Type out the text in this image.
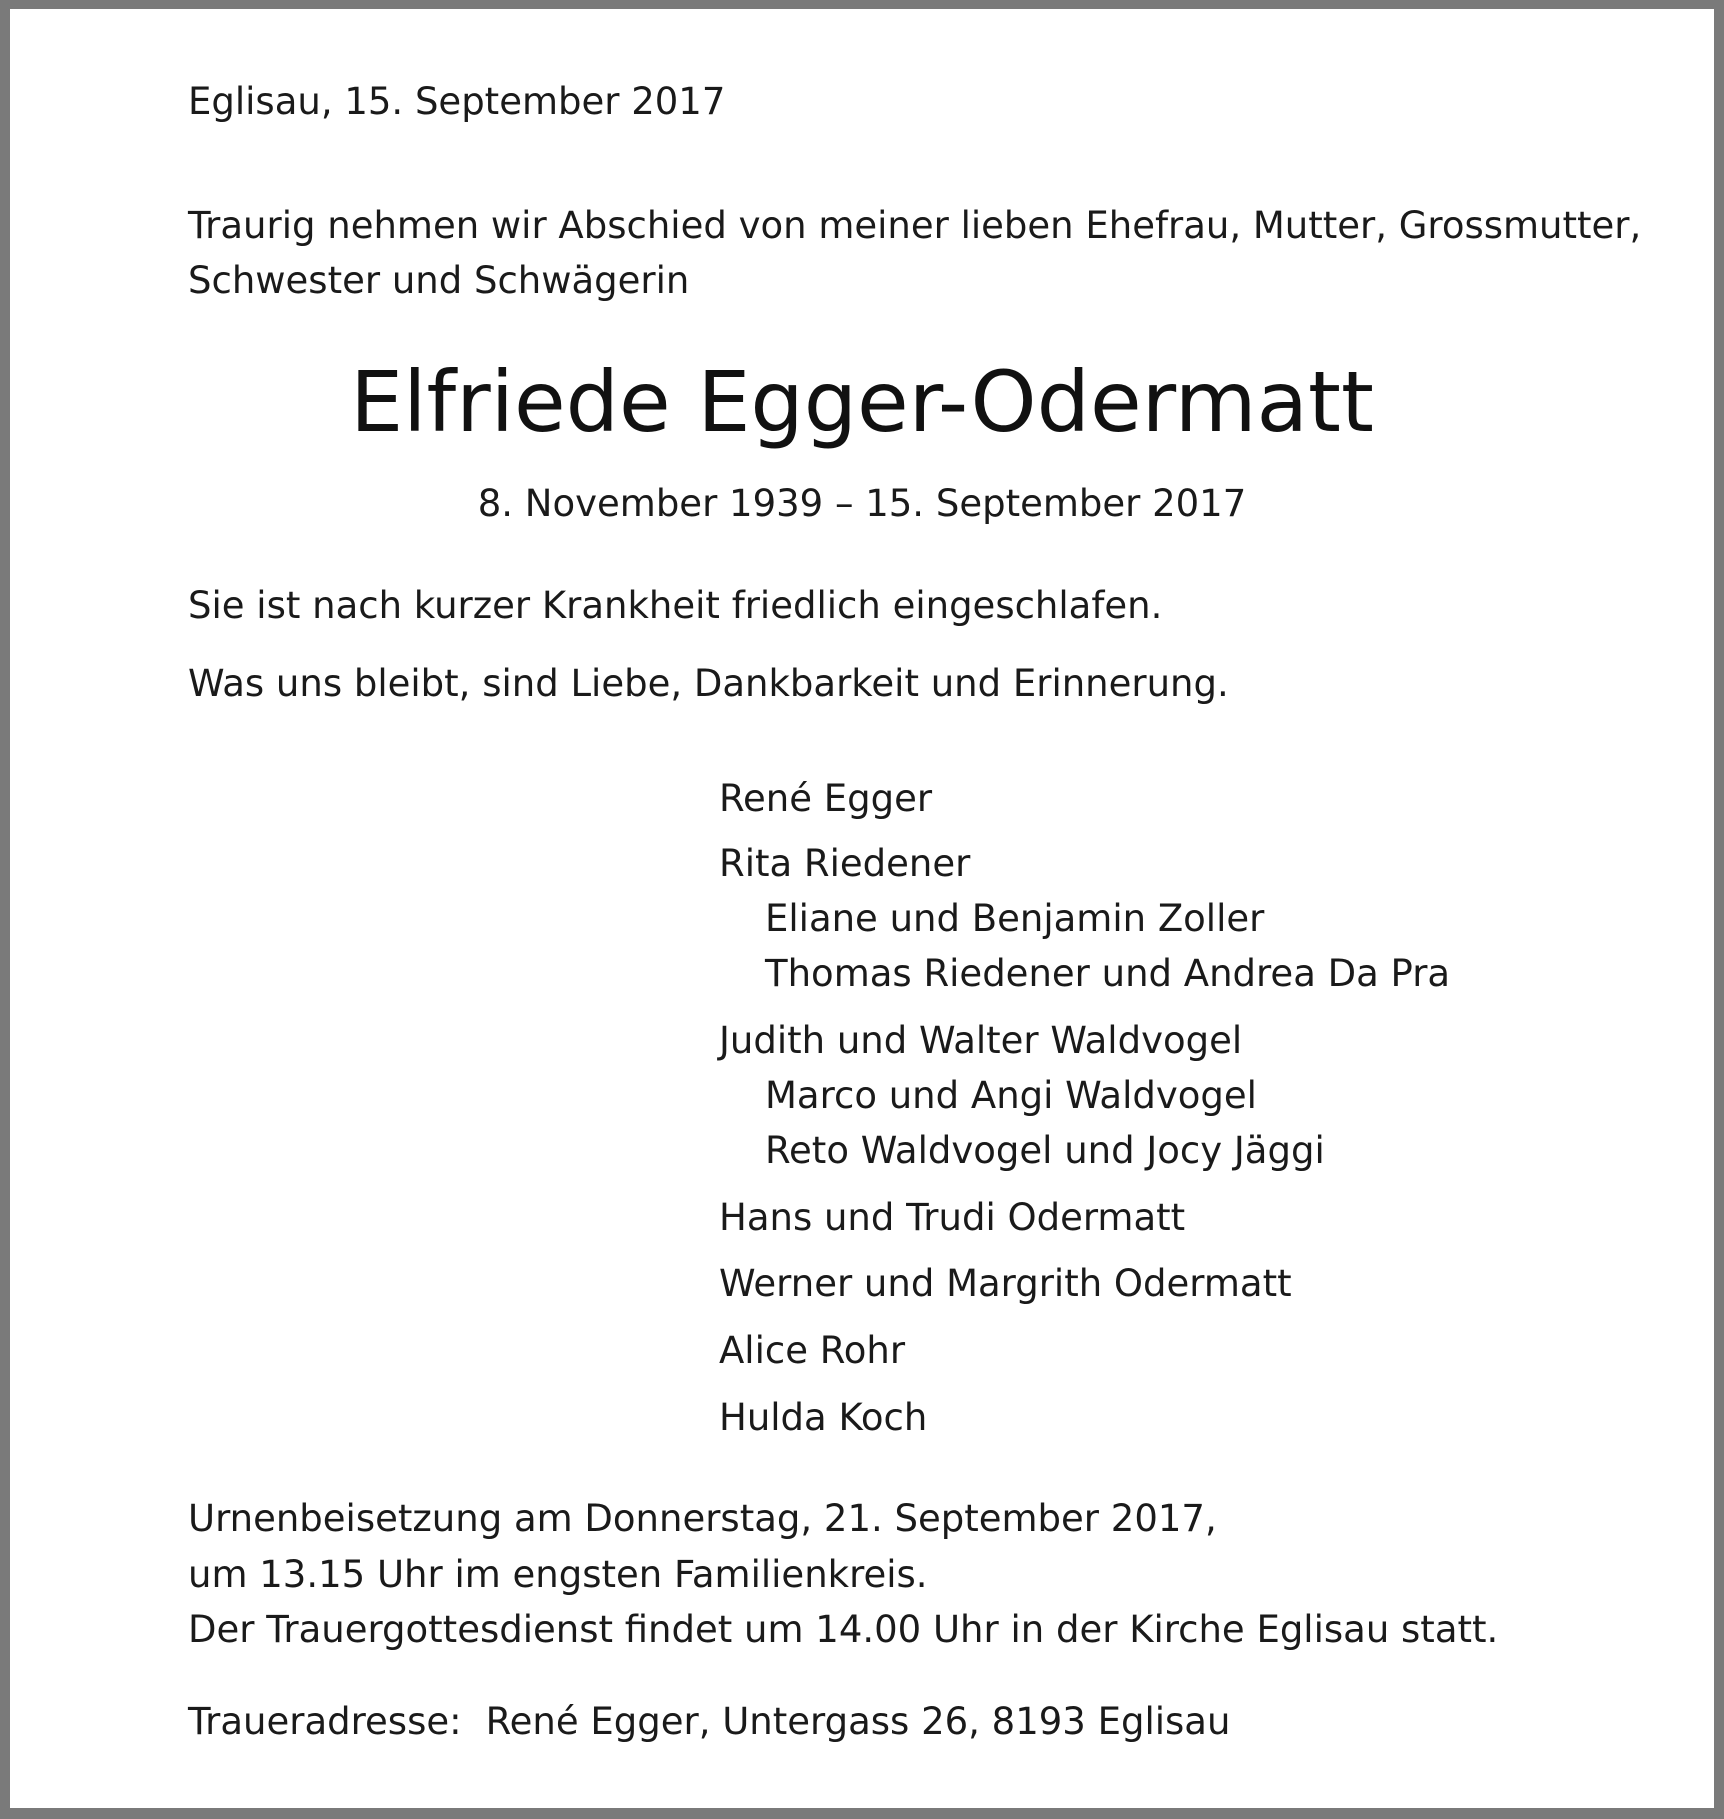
Eglisau, 15. September 2017

Traurig nehmen wir Abschied von meiner lieben Ehefrau, Mutter, Grossmutter,

Schwester und Schwägerin

Elfriede Egger-Odermatt

8. November 1939 – 15. September 2017

Sie ist nach kurzer Krankheit friedlich eingeschlafen.

Was uns bleibt, sind Liebe, Dankbarkeit und Erinnerung.

René Egger

Rita Riedener

Eliane und Benjamin Zoller

Thomas Riedener und Andrea Da Pra

Judith und Walter Waldvogel

Marco und Angi Waldvogel

Reto Waldvogel und Jocy Jäggi

Hans und Trudi Odermatt

Werner und Margrith Odermatt

Alice Rohr

Hulda Koch

Urnenbeisetzung am Donnerstag, 21. September 2017,

um 13.15 Uhr im engsten Familienkreis.

Der Trauergottesdienst findet um 14.00 Uhr in der Kirche Eglisau statt.

Traueradresse: René Egger, Untergass 26, 8193 Eglisau
